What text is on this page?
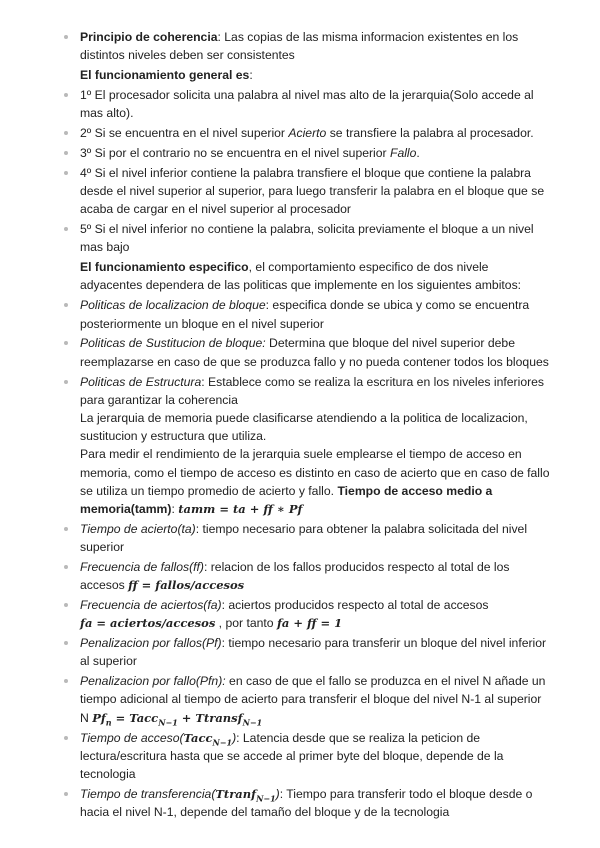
Principio de coherencia: Las copias de las misma informacion existentes en los distintos niveles deben ser consistentes

El funcionamiento general es:

1º El procesador solicita una palabra al nivel mas alto de la jerarquia(Solo accede al mas alto).
2º Si se encuentra en el nivel superior Acierto se transfiere la palabra al procesador.
3º Si por el contrario no se encuentra en el nivel superior Fallo.
4º Si el nivel inferior contiene la palabra transfiere el bloque que contiene la palabra desde el nivel superior al superior, para luego transferir la palabra en el bloque que se acaba de cargar en el nivel superior al procesador
5º Si el nivel inferior no contiene la palabra, solicita previamente el bloque a un nivel mas bajo

El funcionamiento especifico, el comportamiento especifico de dos nivele adyacentes dependera de las politicas que implemente en los siguientes ambitos:

Politicas de localizacion de bloque: especifica donde se ubica y como se encuentra posteriormente un bloque en el nivel superior
Politicas de Sustitucion de bloque: Determina que bloque del nivel superior debe reemplazarse en caso de que se produzca fallo y no pueda contener todos los bloques
Politicas de Estructura: Establece como se realiza la escritura en los niveles inferiores para garantizar la coherencia
La jerarquia de memoria puede clasificarse atendiendo a la politica de localizacion, sustitucion y estructura que utiliza.
Para medir el rendimiento de la jerarquia suele emplearse el tiempo de acceso en memoria, como el tiempo de acceso es distinto en caso de acierto que en caso de fallo se utiliza un tiempo promedio de acierto y fallo. Tiempo de acceso medio a memoria(tamm): tamm = ta + ff ∗ Pf
Tiempo de acierto(ta): tiempo necesario para obtener la palabra solicitada del nivel superior
Frecuencia de fallos(ff): relacion de los fallos producidos respecto al total de los accesos ff = fallos/accesos
Frecuencia de aciertos(fa): aciertos producidos respecto al total de accesos
fa = aciertos/accesos , por tanto fa + ff = 1
Penalizacion por fallos(Pf): tiempo necesario para transferir un bloque del nivel inferior al superior
Penalizacion por fallo(Pfn): en caso de que el fallo se produzca en el nivel N añade un tiempo adicional al tiempo de acierto para transferir el bloque del nivel N-1 al superior N $Pf_n$ = Tacc$_{N-1}$ + Ttransf$_{N-1}$
Tiempo de acceso(Tacc$_{N-1}$): Latencia desde que se realiza la peticion de lectura/escritura hasta que se accede al primer byte del bloque, depende de la tecnologia
Tiempo de transferencia(Ttranf$_{N-1}$): Tiempo para transferir todo el bloque desde o hacia el nivel N-1, depende del tamaño del bloque y de la tecnologia
